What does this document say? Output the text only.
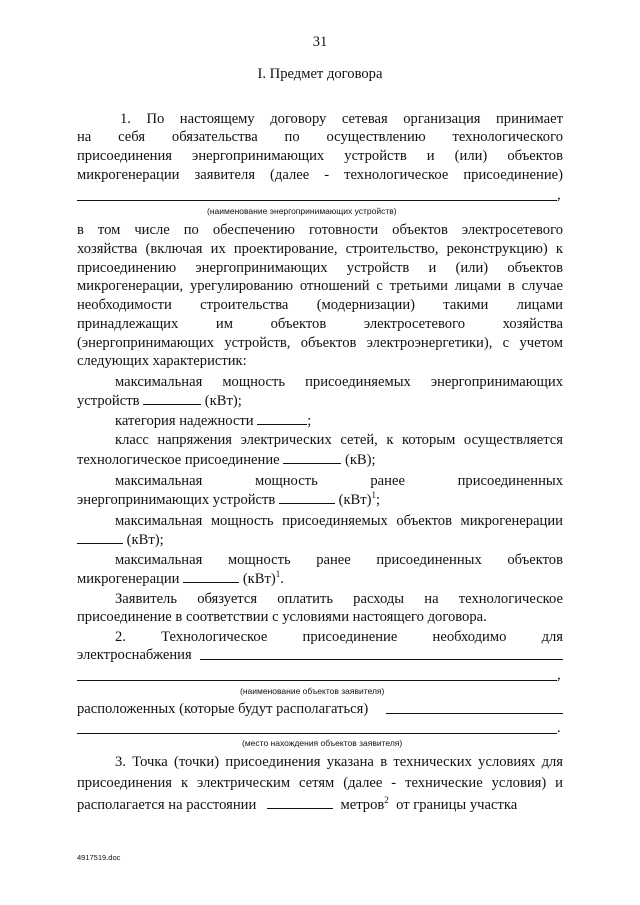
31
I. Предмет договора
1. По настоящему договору сетевая организация принимает
на себя обязательства по осуществлению технологического
присоединения энергопринимающих устройств и (или) объектов
микрогенерации заявителя (далее - технологическое присоединение)
,
(наименование энергопринимающих устройств)
в том числе по обеспечению готовности объектов электросетевого
хозяйства (включая их проектирование, строительство, реконструкцию) к
присоединению энергопринимающих устройств и (или) объектов
микрогенерации, урегулированию отношений с третьими лицами в случае
необходимости строительства (модернизации) такими лицами
принадлежащих им объектов электросетевого хозяйства
(энергопринимающих устройств, объектов электроэнергетики), с учетом
следующих характеристик:
максимальная мощность присоединяемых энергопринимающих
устройств	(кВт);
категория надежности	;
класс напряжения электрических сетей, к которым осуществляется
технологическое присоединение	(кВ);
максимальная мощность ранее присоединенных
энергопринимающих устройств	(кВт)$^1$;
максимальная мощность присоединяемых объектов микрогенерации
(кВт);
максимальная мощность ранее присоединенных объектов
микрогенерации	(кВт)$^1$.
Заявитель обязуется оплатить расходы на технологическое
присоединение в соответствии с условиями настоящего договора.
2. Технологическое присоединение необходимо для
электроснабжения
,
(наименование объектов заявителя)
расположенных (которые будут располагаться)
.
(место нахождения объектов заявителя)
3. Точка (точки) присоединения указана в технических условиях для
присоединения к электрическим сетям (далее - технические условия) и
располагается на расстоянии	метров$^2$ от границы участка
4917519.doc
